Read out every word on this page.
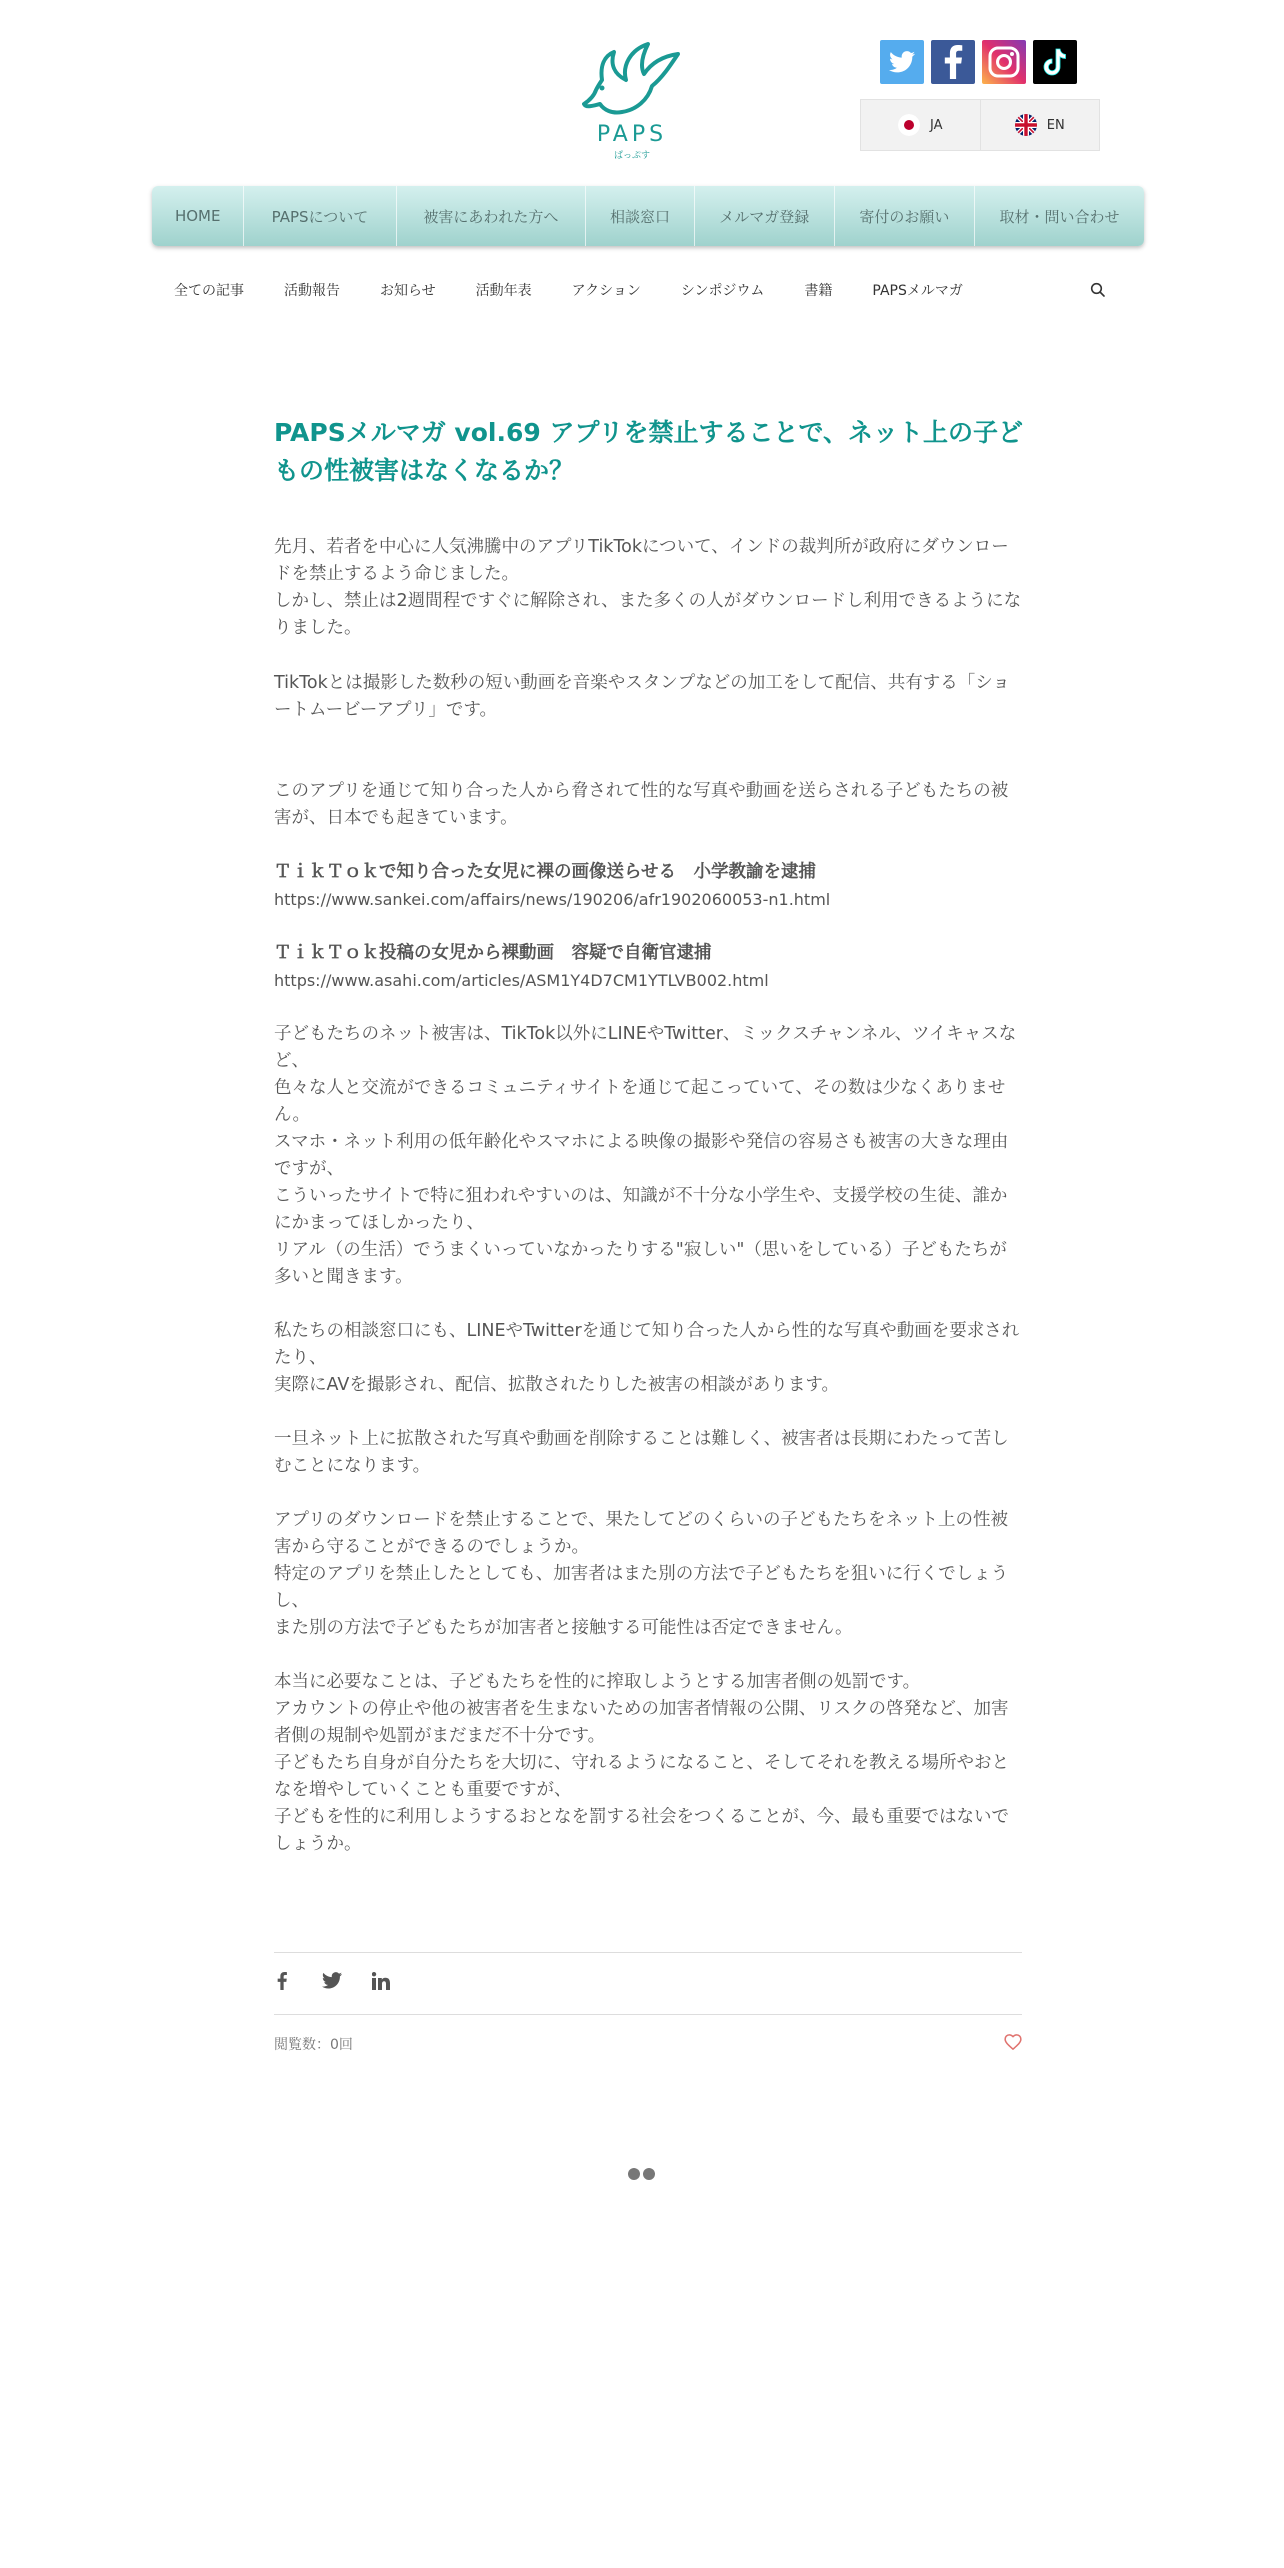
PAPS
ぱっぷす
JA	EN
HOME	PAPSについて	被害にあわれた方へ	相談窓口	メルマガ登録	寄付のお願い	取材・問い合わせ
全ての記事	活動報告	お知らせ	活動年表	アクション	シンポジウム	書籍	PAPSメルマガ
PAPSメルマガ vol.69 アプリを禁止することで、ネット上の子どもの性被害はなくなるか？

先月、若者を中心に人気沸騰中のアプリTikTokについて、インドの裁判所が政府にダウンロードを禁止するよう命じました。

しかし、禁止は2週間程ですぐに解除され、また多くの人がダウンロードし利用できるようになりました。

TikTokとは撮影した数秒の短い動画を音楽やスタンプなどの加工をして配信、共有する「ショートムービーアプリ」です。

このアプリを通じて知り合った人から脅されて性的な写真や動画を送らされる子どもたちの被害が、日本でも起きています。

ＴｉｋＴｏｋで知り合った女児に裸の画像送らせる　小学教諭を逮捕

https://www.sankei.com/affairs/news/190206/afr1902060053-n1.html

ＴｉｋＴｏｋ投稿の女児から裸動画　容疑で自衛官逮捕

https://www.asahi.com/articles/ASM1Y4D7CM1YTLVB002.html

子どもたちのネット被害は、TikTok以外にLINEやTwitter、ミックスチャンネル、ツイキャスなど、

色々な人と交流ができるコミュニティサイトを通じて起こっていて、その数は少なくありません。

スマホ・ネット利用の低年齢化やスマホによる映像の撮影や発信の容易さも被害の大きな理由ですが、

こういったサイトで特に狙われやすいのは、知識が不十分な小学生や、支援学校の生徒、誰かにかまってほしかったり、

リアル（の生活）でうまくいっていなかったりする"寂しい"（思いをしている）子どもたちが多いと聞きます。

私たちの相談窓口にも、LINEやTwitterを通じて知り合った人から性的な写真や動画を要求されたり、

実際にAVを撮影され、配信、拡散されたりした被害の相談があります。

一旦ネット上に拡散された写真や動画を削除することは難しく、被害者は長期にわたって苦しむことになります。

アプリのダウンロードを禁止することで、果たしてどのくらいの子どもたちをネット上の性被害から守ることができるのでしょうか。

特定のアプリを禁止したとしても、加害者はまた別の方法で子どもたちを狙いに行くでしょうし、

また別の方法で子どもたちが加害者と接触する可能性は否定できません。

本当に必要なことは、子どもたちを性的に搾取しようとする加害者側の処罰です。

アカウントの停止や他の被害者を生まないための加害者情報の公開、リスクの啓発など、加害者側の規制や処罰がまだまだ不十分です。

子どもたち自身が自分たちを大切に、守れるようになること、そしてそれを教える場所やおとなを増やしていくことも重要ですが、

子どもを性的に利用しようするおとなを罰する社会をつくることが、今、最も重要ではないでしょうか。

閲覧数：0回
